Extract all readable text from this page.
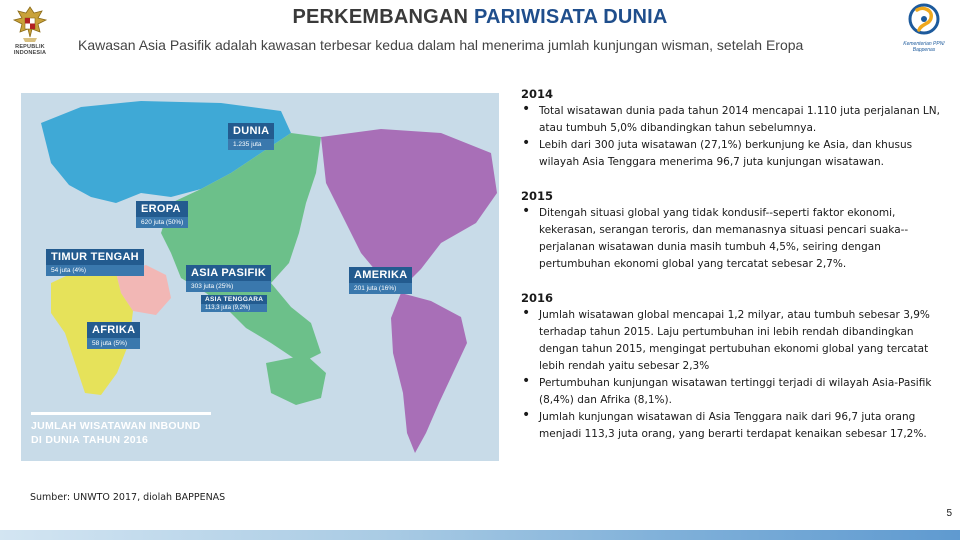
REPUBLIK
INDONESIA
PERKEMBANGAN PARIWISATA DUNIA
Kawasan Asia Pasifik adalah kawasan terbesar kedua dalam hal menerima jumlah kunjungan wisman, setelah Eropa	Kementerian PPN/
Bappenas
DUNIA
1.235 juta
EROPA
620 juta (50%)
TIMUR TENGAH
54 juta (4%)	ASIA PASIFIK
303 juta (25%)
ASIA TENGGARA
113,3 juta (9,2%)
AMERIKA
201 juta (16%)
AFRIKA
58 juta (5%)
JUMLAH WISATAWAN INBOUND
DI DUNIA TAHUN 2016

2014

• Total wisatawan dunia pada tahun 2014 mencapai 1.110 juta perjalanan LN, atau tumbuh 5,0% dibandingkan tahun sebelumnya.
• Lebih dari 300 juta wisatawan (27,1%) berkunjung ke Asia, dan khusus wilayah Asia Tenggara menerima 96,7 juta kunjungan wisatawan.

2015

• Ditengah situasi global yang tidak kondusif--seperti faktor ekonomi, kekerasan, serangan teroris, dan memanasnya situasi pencari suaka--perjalanan wisatawan dunia masih tumbuh 4,5%, seiring dengan pertumbuhan ekonomi global yang tercatat sebesar 2,7%.

2016

• Jumlah wisatawan global mencapai 1,2 milyar, atau tumbuh sebesar 3,9% terhadap tahun 2015. Laju pertumbuhan ini lebih rendah dibandingkan dengan tahun 2015, mengingat pertubuhan ekonomi global yang tercatat lebih rendah yaitu sebesar 2,3%
• Pertumbuhan kunjungan wisatawan tertinggi terjadi di wilayah Asia-Pasifik (8,4%) dan Afrika (8,1%).
• Jumlah kunjungan wisatawan di Asia Tenggara naik dari 96,7 juta orang menjadi 113,3 juta orang, yang berarti terdapat kenaikan sebesar 17,2%.
Sumber: UNWTO 2017, diolah BAPPENAS
5
